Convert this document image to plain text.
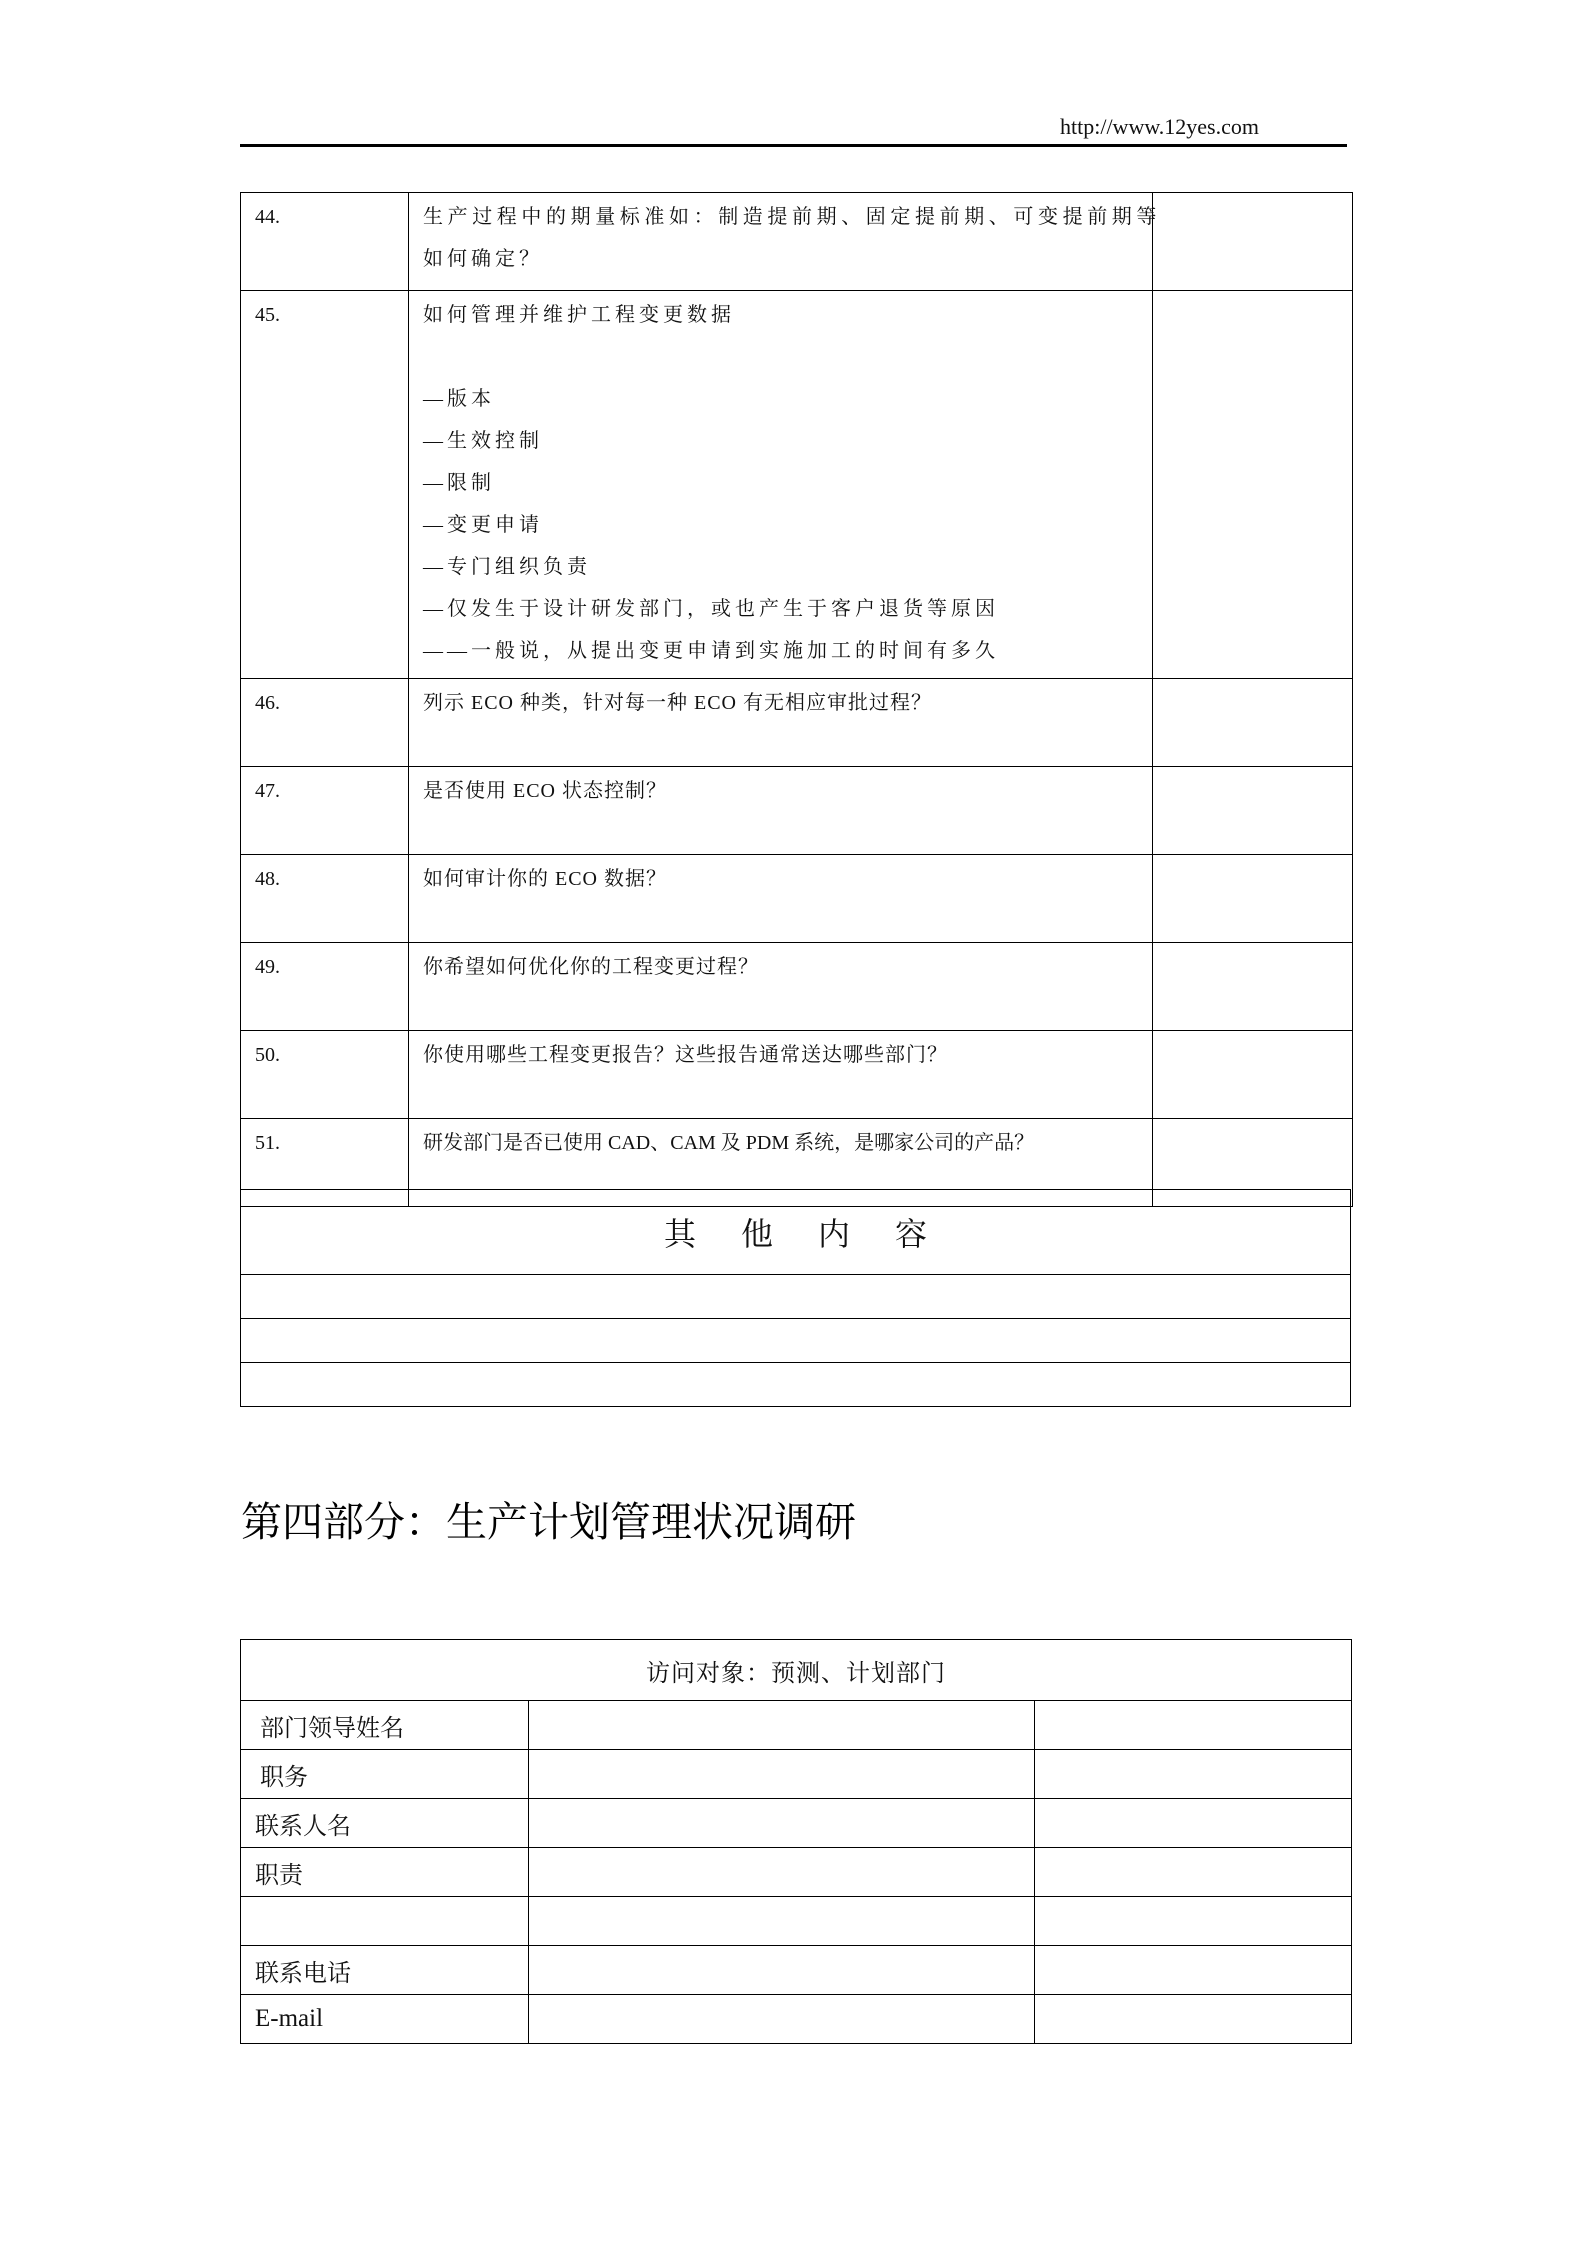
http://www.12yes.com
44.	生产过程中的期量标准如：制造提前期、固定提前期、可变提前期等
如何确定？	

45.	如何管理并维护工程变更数据
—版本
—生效控制
—限制
—变更申请
—专门组织负责
—仅发生于设计研发部门，或也产生于客户退货等原因
——一般说，从提出变更申请到实施加工的时间有多久

46.	列示 ECO 种类，针对每一种 ECO 有无相应审批过程？	

47.	是否使用 ECO 状态控制？	

48.	如何审计你的 ECO 数据？	

49.	你希望如何优化你的工程变更过程？	

50.	你使用哪些工程变更报告？这些报告通常送达哪些部门？	

51.	研发部门是否已使用 CAD、CAM 及 PDM 系统，是哪家公司的产品？	

其他内容

第四部分：生产计划管理状况调研
访问对象：预测、计划部门		
部门领导姓名		
职务		
联系人名		
职责		

联系电话		
E-mail		
